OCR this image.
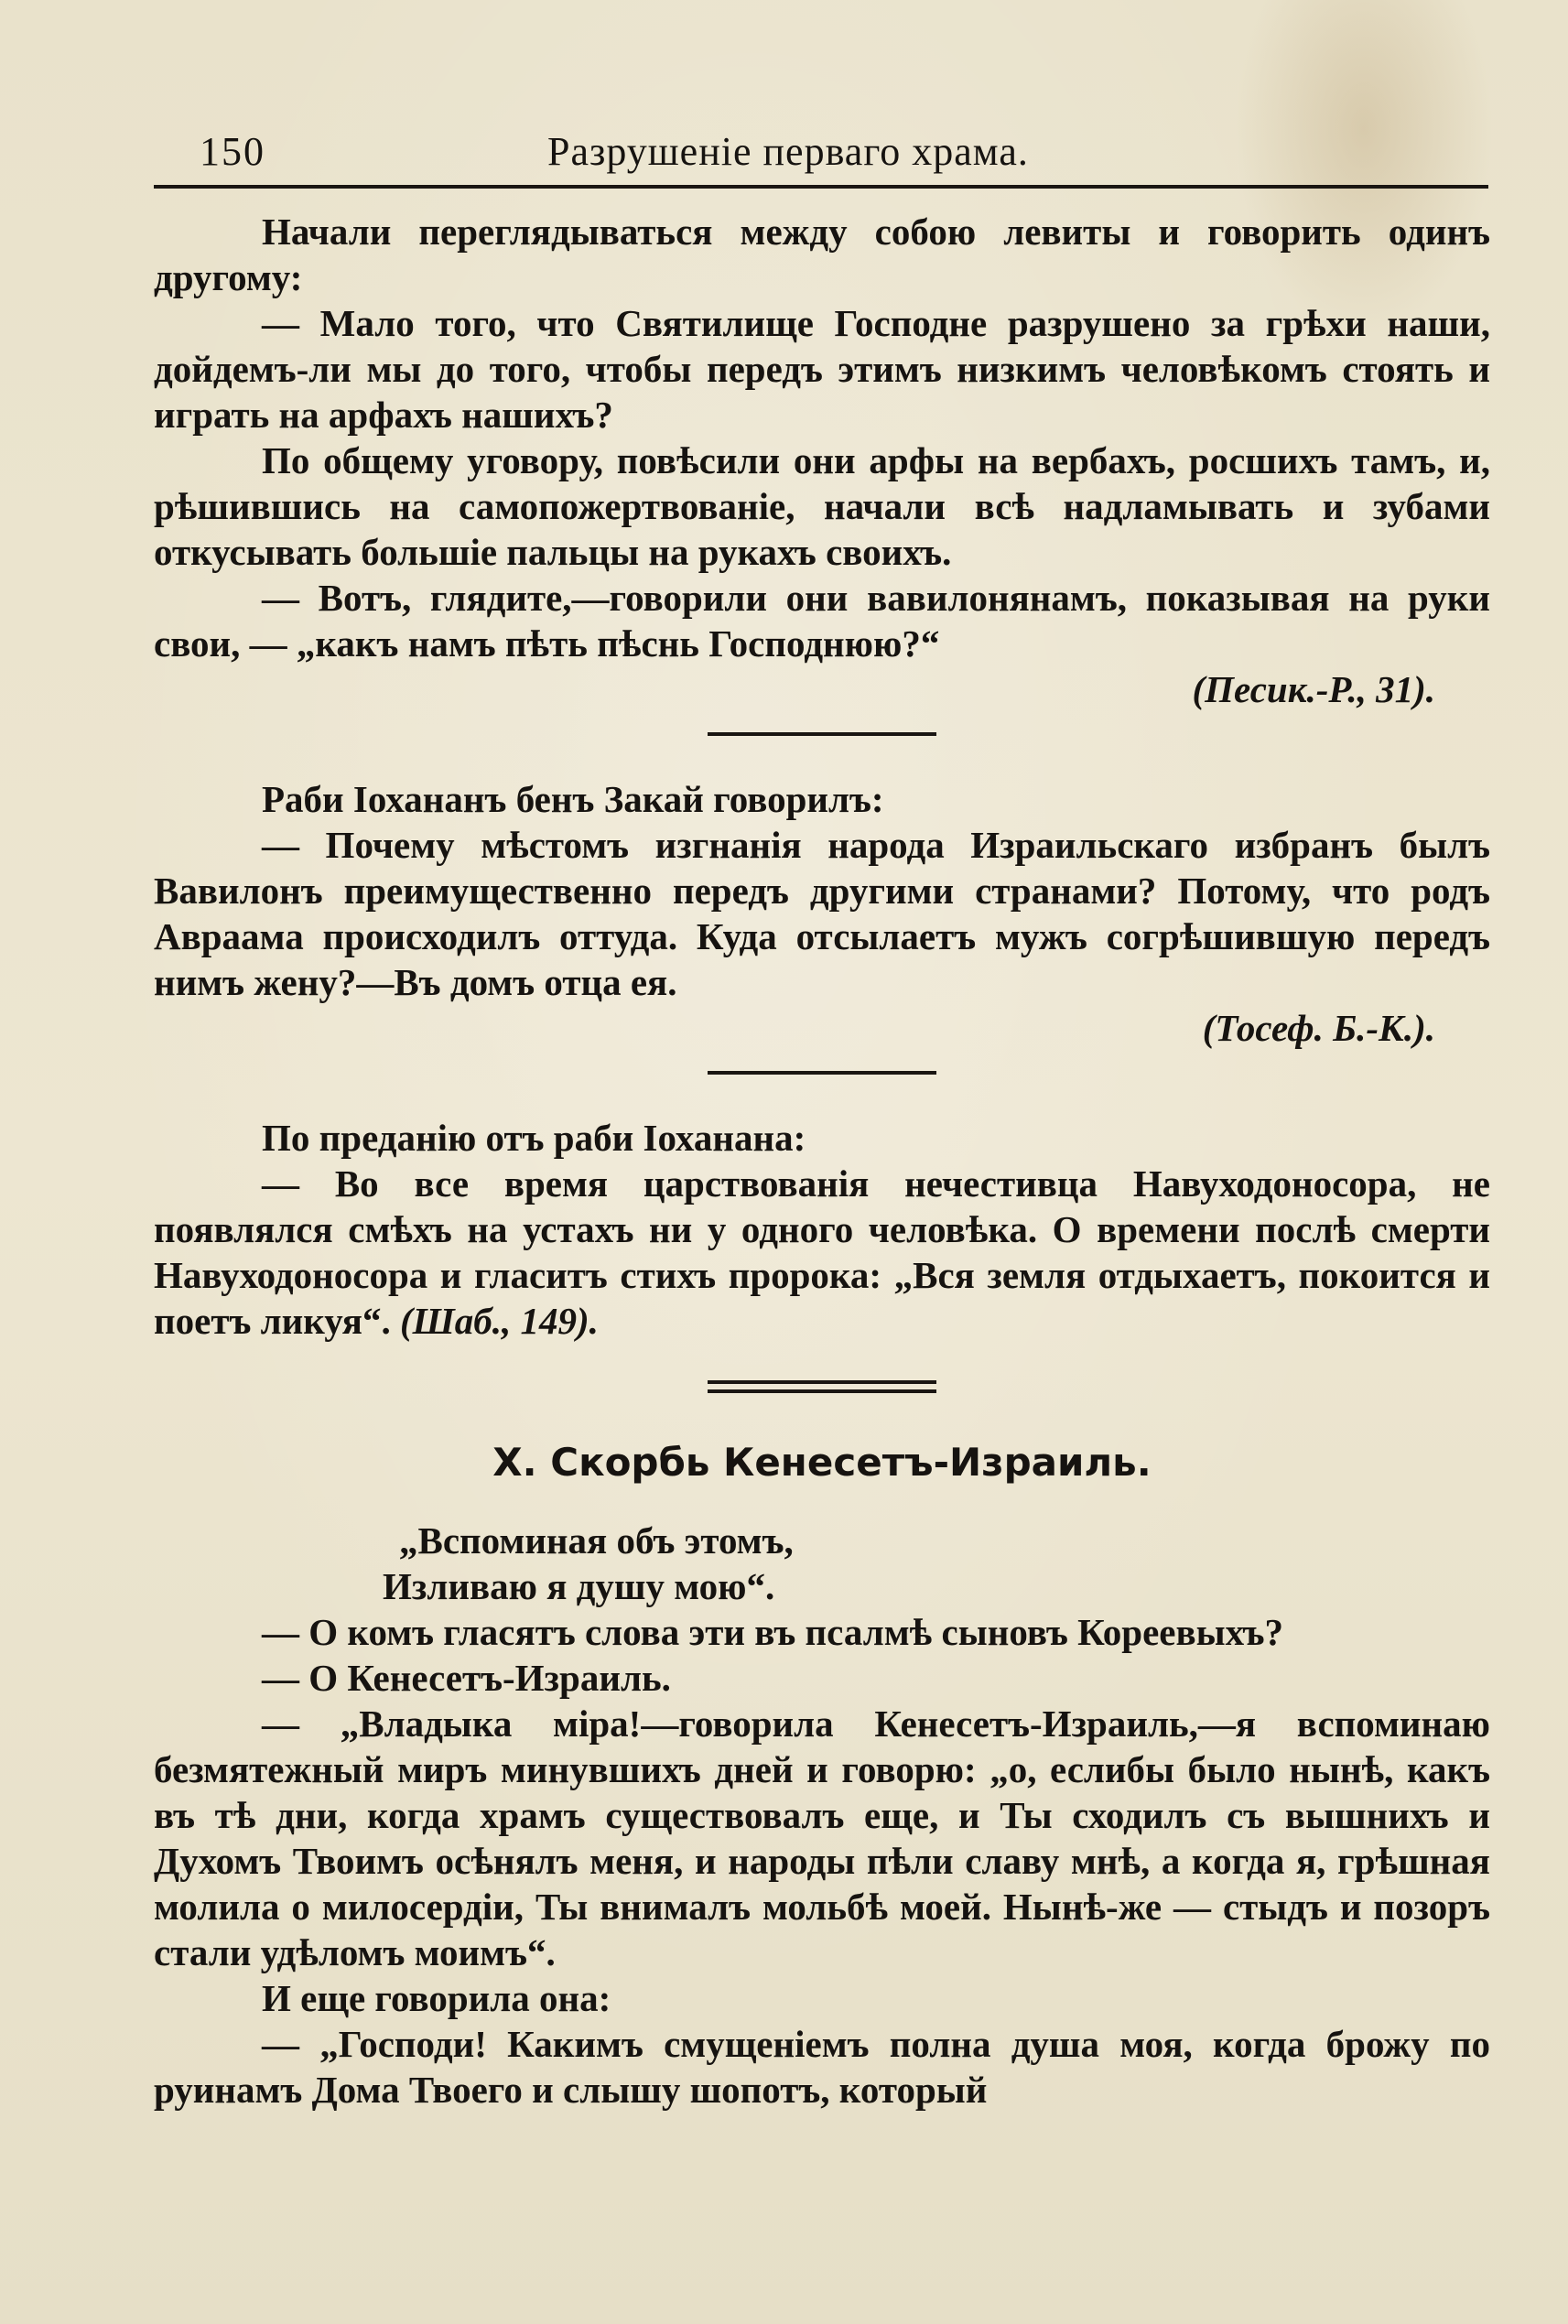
150	Разрушеніе перваго храма.

Начали переглядываться между собою левиты и говорить одинъ другому:

— Мало того, что Святилище Господне разрушено за грѣхи наши, дойдемъ-ли мы до того, чтобы передъ этимъ низкимъ человѣкомъ стоять и играть на арфахъ нашихъ?

По общему уговору, повѣсили они арфы на вербахъ, росшихъ тамъ, и, рѣшившись на самопожертвованіе, начали всѣ надламывать и зубами откусывать большіе пальцы на рукахъ своихъ.

— Вотъ, глядите,—говорили они вавилонянамъ, показывая на руки свои, — „какъ намъ пѣть пѣснь Господнюю?“

(Песик.-Р., 31).

Раби Іохананъ бенъ Закай говорилъ:

— Почему мѣстомъ изгнанія народа Израильскаго избранъ былъ Вавилонъ преимущественно передъ другими странами? Потому, что родъ Авраама происходилъ оттуда. Куда отсылаетъ мужъ согрѣшившую передъ нимъ жену?—Въ домъ отца ея.

(Тосеф. Б.-К.).

По преданію отъ раби Іоханана:

— Во все время царствованія нечестивца Навуходоносора, не появлялся смѣхъ на устахъ ни у одного человѣка. О времени послѣ смерти Навуходоносора и гласитъ стихъ пророка: „Вся земля отдыхаетъ, покоится и поетъ ликуя“. (Шаб., 149).

X. Скорбь Кенесетъ-Израиль.

„Вспоминая объ этомъ,

Изливаю я душу мою“.

— О комъ гласятъ слова эти въ псалмѣ сыновъ Кореевыхъ?

— О Кенесетъ-Израиль.

— „Владыка міра!—говорила Кенесетъ-Израиль,—я вспоминаю безмятежный миръ минувшихъ дней и говорю: „о, еслибы было нынѣ, какъ въ тѣ дни, когда храмъ существовалъ еще, и Ты сходилъ съ вышнихъ и Духомъ Твоимъ осѣнялъ меня, и народы пѣли славу мнѣ, а когда я, грѣшная молила о милосердіи, Ты внималъ мольбѣ моей. Нынѣ-же — стыдъ и позоръ стали удѣломъ моимъ“.

И еще говорила она:

— „Господи! Какимъ смущеніемъ полна душа моя, когда брожу по руинамъ Дома Твоего и слышу шопотъ, который
